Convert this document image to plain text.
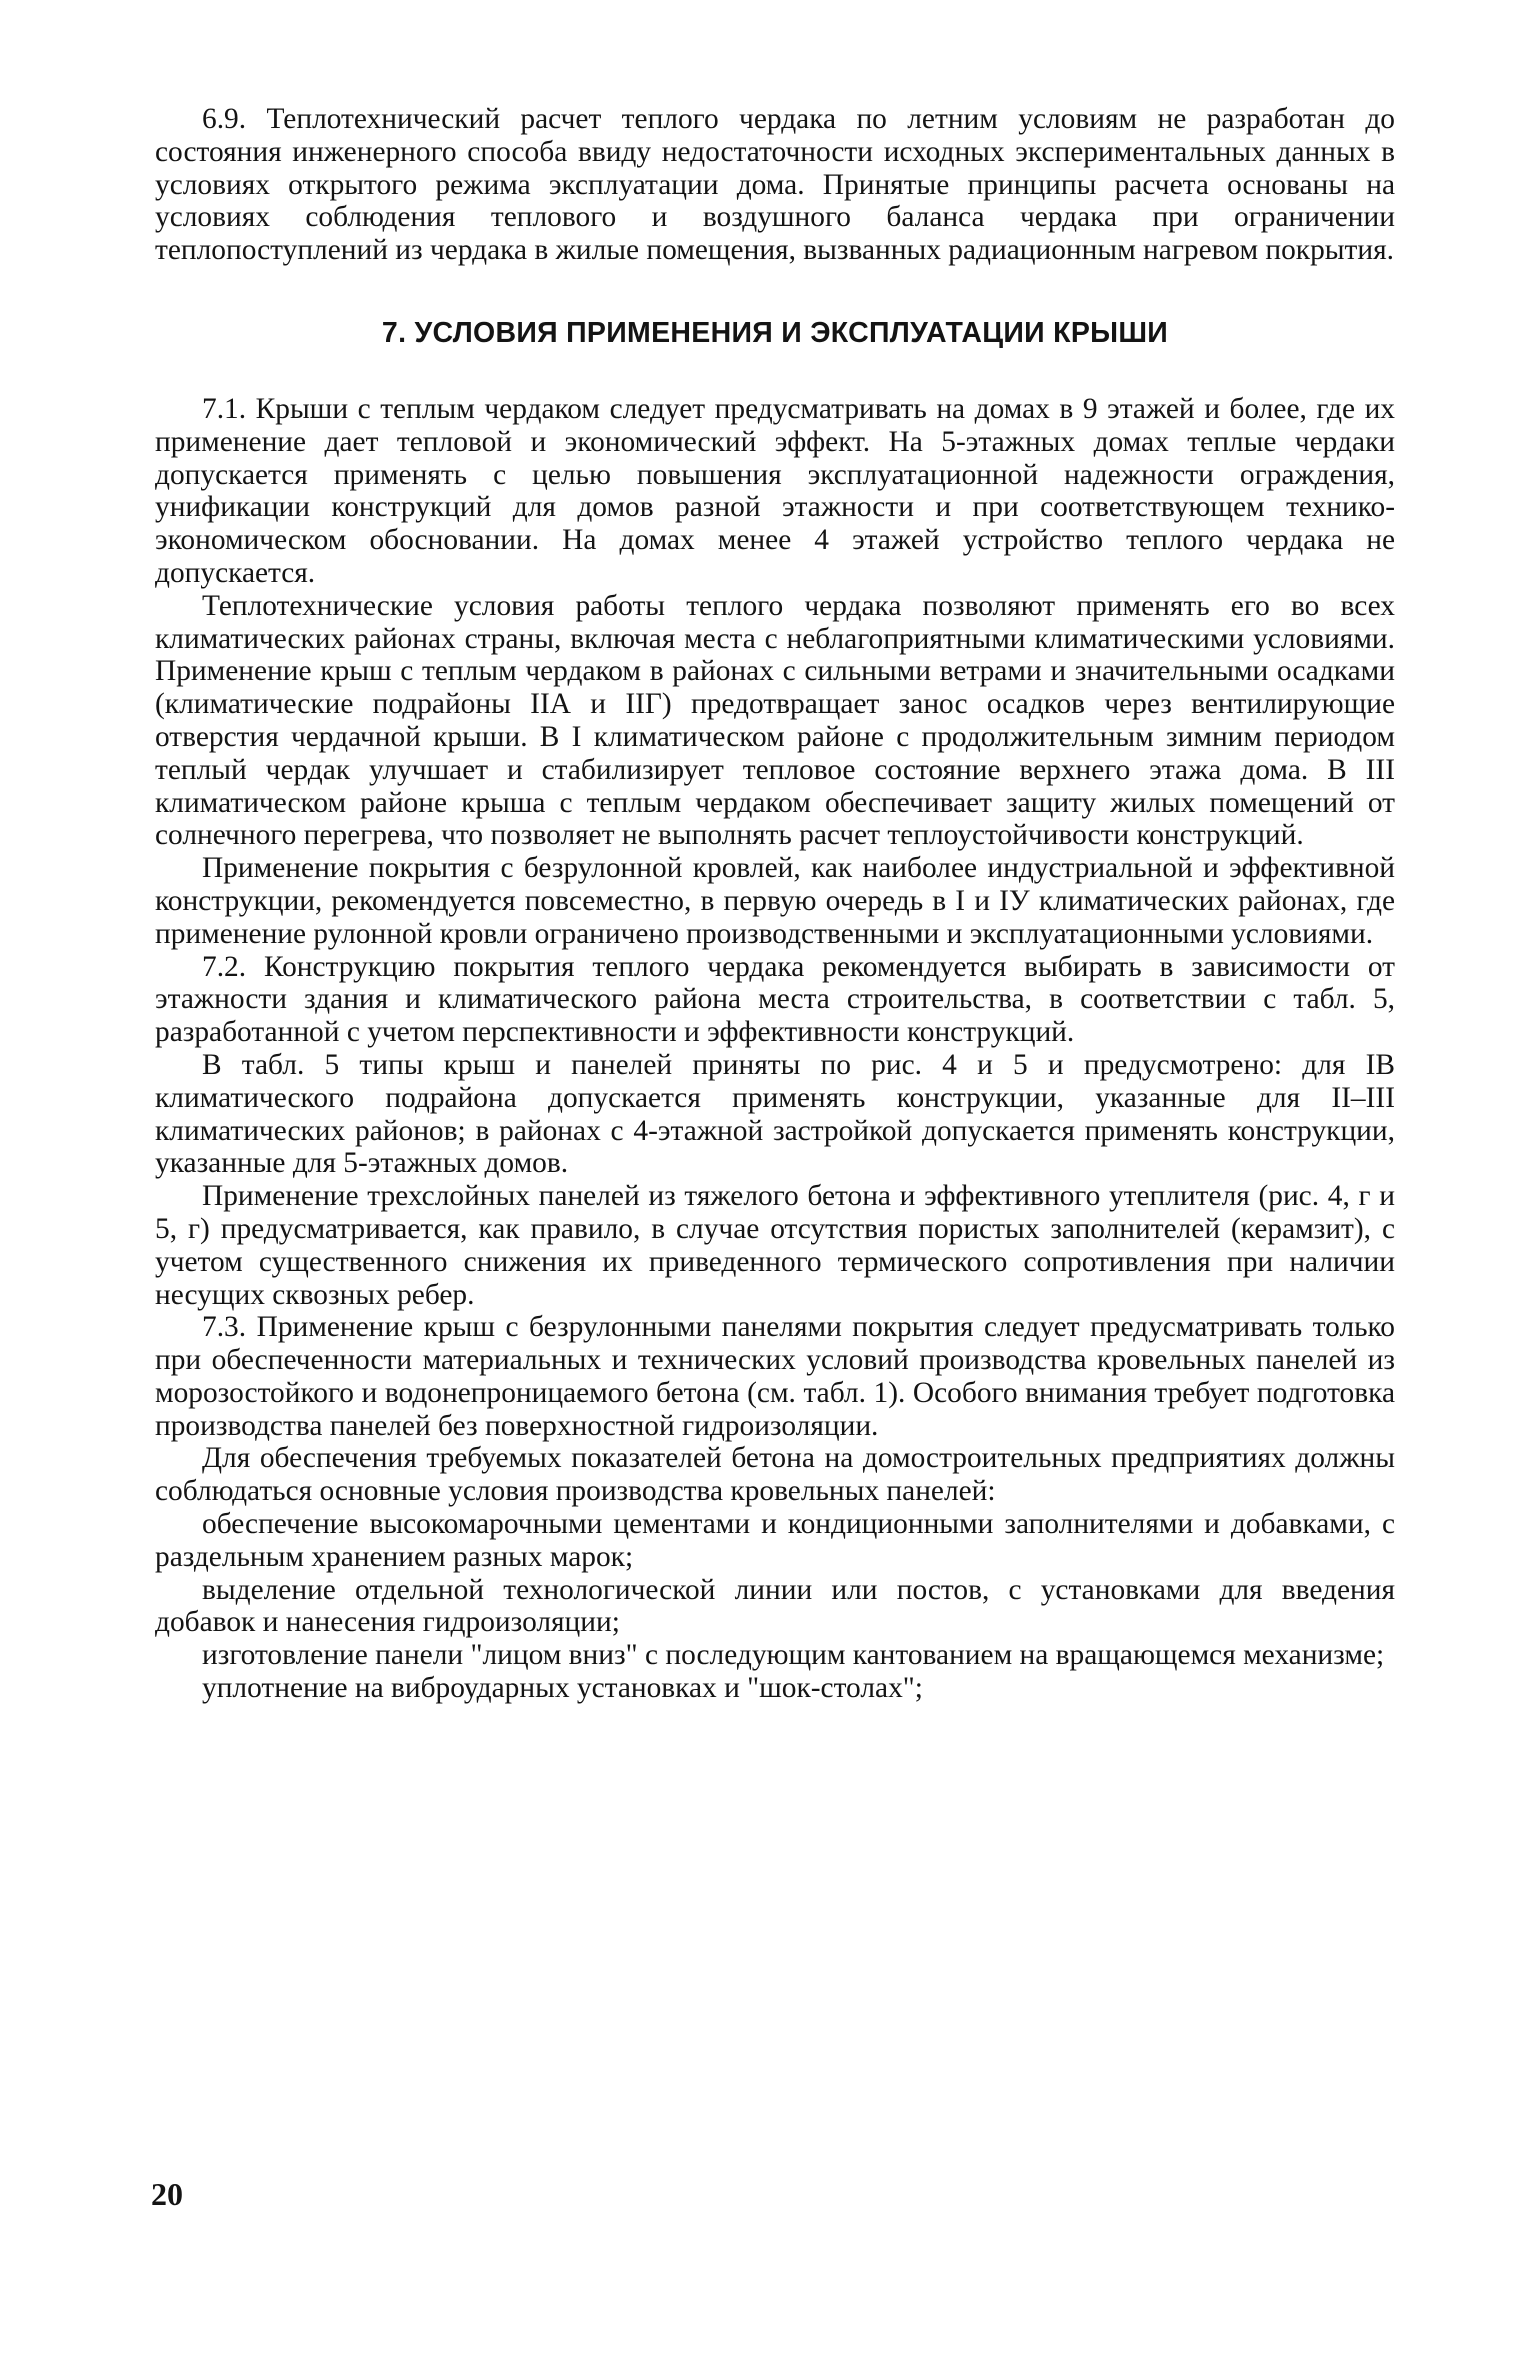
6.9. Теплотехнический расчет теплого чердака по летним условиям не разработан до состояния инженерного способа ввиду недостаточности исходных экспериментальных данных в условиях открытого режима эксплуатации дома. Принятые принципы расчета основаны на условиях соблюдения теплового и воздушного баланса чердака при ограничении теплопоступлений из чердака в жилые помещения, вызванных радиационным нагревом покрытия.

7. УСЛОВИЯ ПРИМЕНЕНИЯ И ЭКСПЛУАТАЦИИ КРЫШИ

7.1. Крыши с теплым чердаком следует предусматривать на домах в 9 этажей и более, где их применение дает тепловой и экономический эффект. На 5-этажных домах теплые чердаки допускается применять с целью повышения эксплуатационной надежности ограждения, унификации конструкций для домов разной этажности и при соответствующем технико-экономическом обосновании. На домах менее 4 этажей устройство теплого чердака не допускается.

Теплотехнические условия работы теплого чердака позволяют применять его во всех климатических районах страны, включая места с неблагоприятными климатическими условиями. Применение крыш с теплым чердаком в районах с сильными ветрами и значительными осадками (климатические подрайоны IIА и IIГ) предотвращает занос осадков через вентилирующие отверстия чердачной крыши. В I климатическом районе с продолжительным зимним периодом теплый чердак улучшает и стабилизирует тепловое состояние верхнего этажа дома. В III климатическом районе крыша с теплым чердаком обеспечивает защиту жилых помещений от солнечного перегрева, что позволяет не выполнять расчет теплоустойчивости конструкций.

Применение покрытия с безрулонной кровлей, как наиболее индустриальной и эффективной конструкции, рекомендуется повсеместно, в первую очередь в I и IУ климатических районах, где применение рулонной кровли ограничено производственными и эксплуатационными условиями.

7.2. Конструкцию покрытия теплого чердака рекомендуется выбирать в зависимости от этажности здания и климатического района места строительства, в соответствии с табл. 5, разработанной с учетом перспективности и эффективности конструкций.

В табл. 5 типы крыш и панелей приняты по рис. 4 и 5 и предусмотрено: для IВ климатического подрайона допускается применять конструкции, указанные для II–III климатических районов; в районах с 4-этажной застройкой допускается применять конструкции, указанные для 5-этажных домов.

Применение трехслойных панелей из тяжелого бетона и эффективного утеплителя (рис. 4, г и 5, г) предусматривается, как правило, в случае отсутствия пористых заполнителей (керамзит), с учетом существенного снижения их приведенного термического сопротивления при наличии несущих сквозных ребер.

7.3. Применение крыш с безрулонными панелями покрытия следует предусматривать только при обеспеченности материальных и технических условий производства кровельных панелей из морозостойкого и водонепроницаемого бетона (см. табл. 1). Особого внимания требует подготовка производства панелей без поверхностной гидроизоляции.

Для обеспечения требуемых показателей бетона на домостроительных предприятиях должны соблюдаться основные условия производства кровельных панелей:

обеспечение высокомарочными цементами и кондиционными заполнителями и добавками, с раздельным хранением разных марок;

выделение отдельной технологической линии или постов, с установками для введения добавок и нанесения гидроизоляции;

изготовление панели "лицом вниз" с последующим кантованием на вращающемся механизме;

уплотнение на виброударных установках и "шок-столах";

20
